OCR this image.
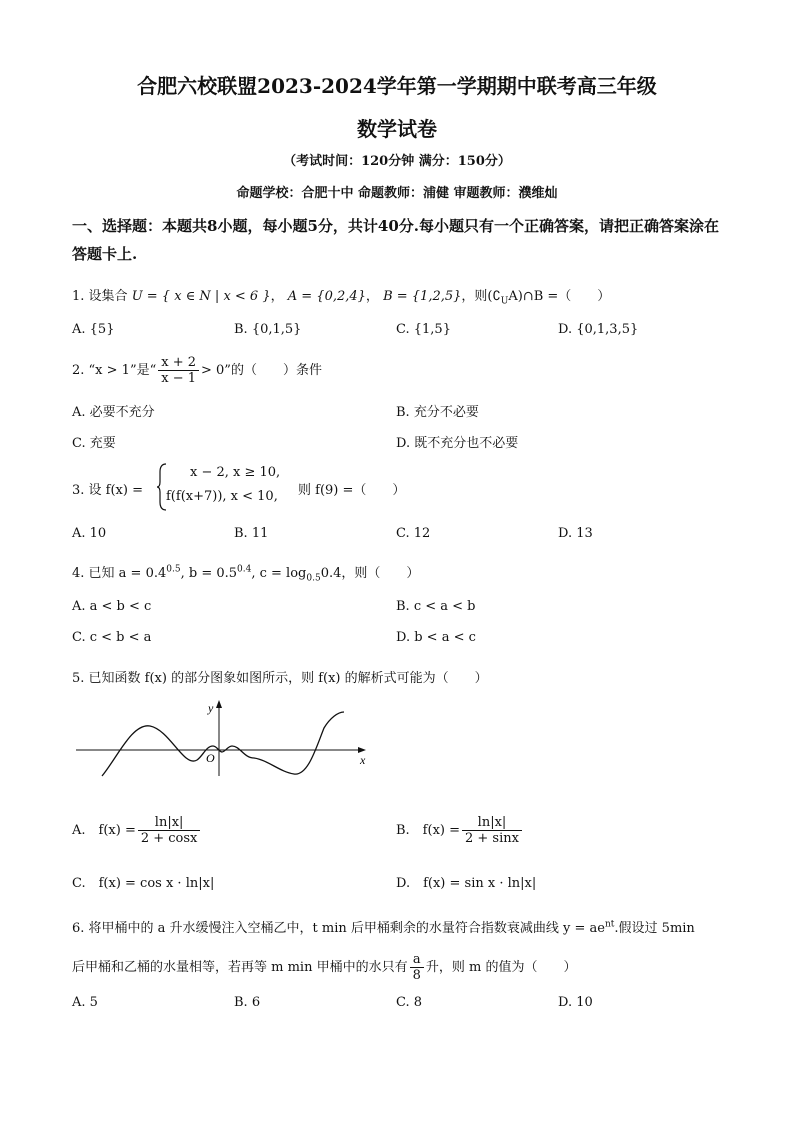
合肥六校联盟2023-2024学年第一学期期中联考高三年级
数学试卷
（考试时间：120分钟 满分：150分）
命题学校：合肥十中 命题教师：浦健 审题教师：濮维灿
一、选择题：本题共8小题，每小题5分，共计40分.每小题只有一个正确答案，请把正确答案涂在答题卡上.
1. 设集合 U = { x ∈ N | x < 6 }， A = {0,2,4}， B = {1,2,5}，则$(∁_UA)\cap B$ =（　　）
A. {5}	B. {0,1,5}	C. {1,5}	D. {0,1,3,5}
2. “x > 1”是“ $\frac{x + 2}{x - 1} > 0$”的（　　）条件
A. 必要不充分	B. 充分不必要
C. 充要	D. 既不充分也不必要
3. 设 f(x) =
x − 2, x ≥ 10,
f(f(x+7)), x < 10, 则 f(9) =（　　）
A. 10	B. 11	C. 12	D. 13
4. 已知 $a = 0.4^{0.5}$, $b = 0.5^{0.4}$, $c = \log_{0.5}0.4$，则（　　）
A. a < b < c	B. c < a < b
C. c < b < a	D. b < a < c
5. 已知函数 f(x) 的部分图象如图所示，则 f(x) 的解析式可能为（　　）
y
x
O
A.　$f(x) = \frac{\ln|x|}{2 + \cos x}$	B.　$f(x) = \frac{\ln|x|}{2 + \sin x}$
C.　f(x) = cos x · ln|x|	D.　f(x) = sin x · ln|x|
6. 将甲桶中的 a 升水缓慢注入空桶乙中，t min 后甲桶剩余的水量符合指数衰减曲线 $y = ae^{nt}$.假设过 5min
后甲桶和乙桶的水量相等，若再等 m min 甲桶中的水只有 $\frac{a}{8}$ 升，则 m 的值为（　　）
A. 5	B. 6	C. 8	D. 10
